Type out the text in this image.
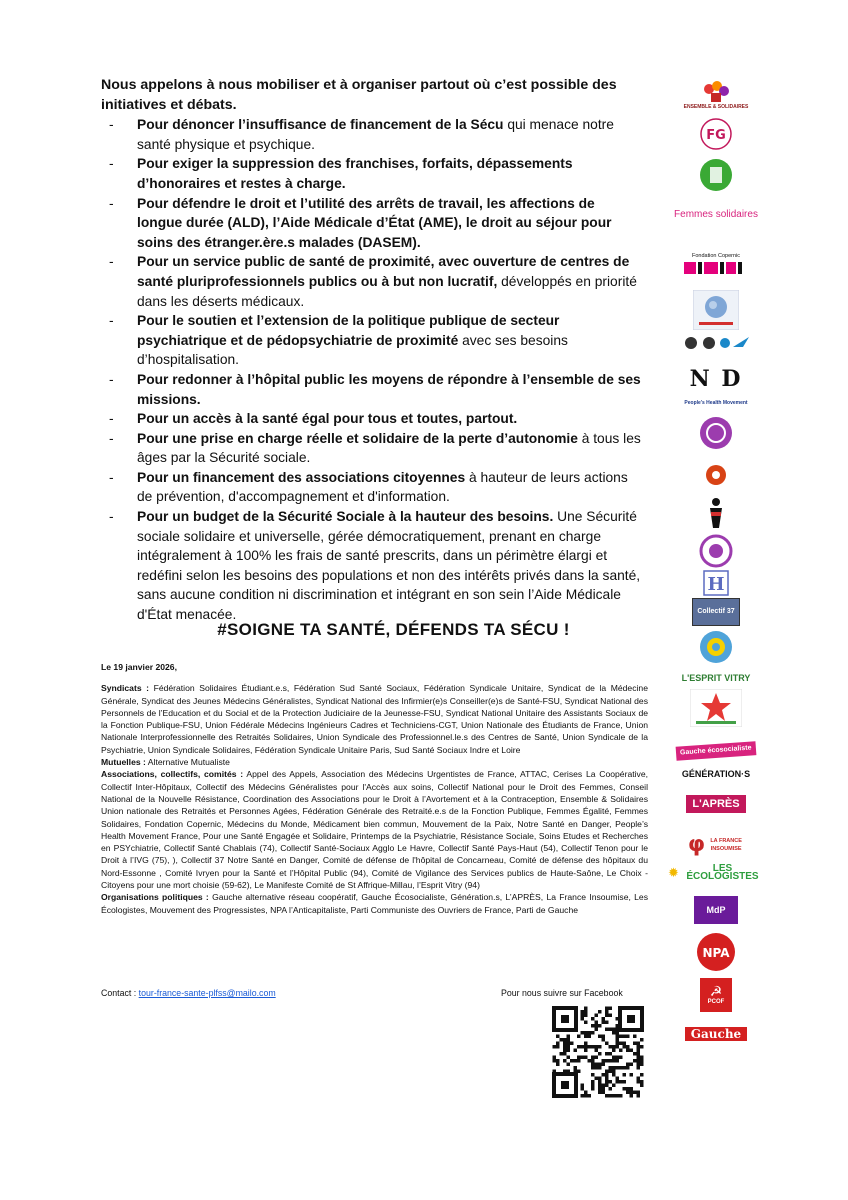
Nous appelons à nous mobiliser et à organiser partout où c’est possible des initiatives et débats.

- Pour dénoncer l’insuffisance de financement de la Sécu qui menace notre santé physique et psychique.
- Pour exiger la suppression des franchises, forfaits, dépassements d’honoraires et restes à charge.
- Pour défendre le droit et l’utilité des arrêts de travail, les affections de longue durée (ALD), l’Aide Médicale d’État (AME), le droit au séjour pour soins des étranger.ère.s malades (DASEM).
- Pour un service public de santé de proximité, avec ouverture de centres de santé pluriprofessionnels publics ou à but non lucratif, développés en priorité dans les déserts médicaux.
- Pour le soutien et l’extension de la politique publique de secteur psychiatrique et de pédopsychiatrie de proximité avec ses besoins d’hospitalisation.
- Pour redonner à l’hôpital public les moyens de répondre à l’ensemble de ses missions.
- Pour un accès à la santé égal pour tous et toutes, partout.
- Pour une prise en charge réelle et solidaire de la perte d’autonomie à tous les âges par la Sécurité sociale.
- Pour un financement des associations citoyennes à hauteur de leurs actions de prévention, d'accompagnement et d'information.
- Pour un budget de la Sécurité Sociale à la hauteur des besoins. Une Sécurité sociale solidaire et universelle, gérée démocratiquement, prenant en charge intégralement à 100% les frais de santé prescrits, dans un périmètre élargi et redéfini selon les besoins des populations et non des intérêts privés dans la santé, sans aucune condition ni discrimination et intégrant en son sein l’Aide Médicale d'État menacée.
#SOIGNE TA SANTÉ, DÉFENDS TA SÉCU !

Le 19 janvier 2026,

Syndicats : Fédération Solidaires Étudiant.e.s, Fédération Sud Santé Sociaux, Fédération Syndicale Unitaire, Syndicat de la Médecine Générale, Syndicat des Jeunes Médecins Généralistes, Syndicat National des Infirmier(e)s Conseiller(e)s de Santé-FSU, Syndicat National des Personnels de l’Education et du Social et de la Protection Judiciaire de la Jeunesse-FSU, Syndicat National Unitaire des Assistants Sociaux de la Fonction Publique-FSU, Union Fédérale Médecins Ingénieurs Cadres et Techniciens-CGT, Union Nationale des Étudiants de France, Union Nationale Interprofessionnelle des Retraités Solidaires, Union Syndicale des Professionnel.le.s des Centres de Santé, Union Syndicale de la Psychiatrie, Union Syndicale Solidaires, Fédération Syndicale Unitaire Paris, Sud Santé Sociaux Indre et Loire

Mutuelles : Alternative Mutualiste

Associations, collectifs, comités : Appel des Appels, Association des Médecins Urgentistes de France, ATTAC, Cerises La Coopérative, Collectif Inter-Hôpitaux, Collectif des Médecins Généralistes pour l'Accès aux soins, Collectif National pour le Droit des Femmes, Conseil National de la Nouvelle Résistance, Coordination des Associations pour le Droit à l’Avortement et à la Contraception, Ensemble & Solidaires Union nationale des Retraités et Personnes Agées, Fédération Générale des Retraité.e.s de la Fonction Publique, Femmes Égalité, Femmes Solidaires, Fondation Copernic, Médecins du Monde, Médicament bien commun, Mouvement de la Paix, Notre Santé en Danger, People’s Health Movement France, Pour une Santé Engagée et Solidaire, Printemps de la Psychiatrie, Résistance Sociale, Soins Etudes et Recherches en PSYchiatrie, Collectif Santé Chablais (74), Collectif Santé-Sociaux Agglo Le Havre, Collectif Santé Pays-Haut (54), Collectif Tenon pour le Droit à l’IVG (75), ), Collectif 37 Notre Santé en Danger, Comité de défense de l'hôpital de Concarneau, Comité de défense des hôpitaux du Nord-Essonne , Comité Ivryen pour la Santé et l’Hôpital Public (94), Comité de Vigilance des Services publics de Haute-Saône, Le Choix - Citoyens pour une mort choisie (59-62), Le Manifeste Comité de St Affrique-Millau, l’Esprit Vitry (94)

Organisations politiques : Gauche alternative réseau coopératif, Gauche Écosocialiste, Génération.s, L’APRÈS, La France Insoumise, Les Écologistes, Mouvement des Progressistes, NPA l’Anticapitaliste, Parti Communiste des Ouvriers de France, Parti de Gauche

Contact : tour-france-sante-plfss@mailo.com	Pour nous suivre sur Facebook
ENSEMBLE & SOLIDAIRES
FG
Femmes solidaires
Fondation Copernic
N D
People's Health Movement
H
Collectif 37
L'ESPRIT VITRY
Gauche écosocialiste
GÉNÉRATION·S
L'APRÈS
φ LA FRANCE INSOUMISE
✹	LES ÉCOLOGISTES
MdP
NPA
☭
PCOF
Gauche
